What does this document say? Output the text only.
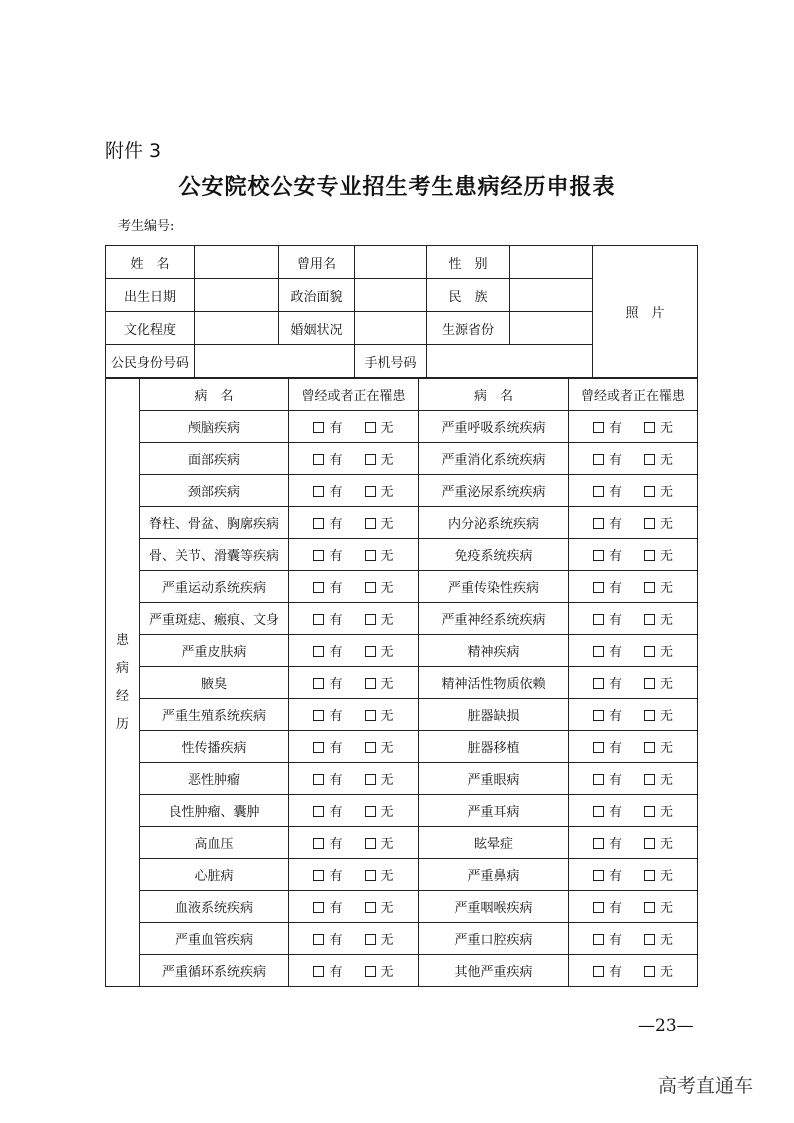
附件 3
公安院校公安专业招生考生患病经历申报表
考生编号:
姓　名		曾用名		性　别		照　片
出生日期		政治面貌		民　族		
文化程度		婚姻状况		生源省份		
公民身份号码			手机号码			
患
病
经
历	病　名	曾经或者正在罹患	病　名	曾经或者正在罹患
	颅脑疾病	有 无	严重呼吸系统疾病	有 无
	面部疾病	有 无	严重消化系统疾病	有 无
	颈部疾病	有 无	严重泌尿系统疾病	有 无
	脊柱、骨盆、胸廓疾病	有 无	内分泌系统疾病	有 无
	骨、关节、滑囊等疾病	有 无	免疫系统疾病	有 无
	严重运动系统疾病	有 无	严重传染性疾病	有 无
	严重斑痣、瘢痕、文身	有 无	严重神经系统疾病	有 无
	严重皮肤病	有 无	精神疾病	有 无
	腋臭	有 无	精神活性物质依赖	有 无
	严重生殖系统疾病	有 无	脏器缺损	有 无
	性传播疾病	有 无	脏器移植	有 无
	恶性肿瘤	有 无	严重眼病	有 无
	良性肿瘤、囊肿	有 无	严重耳病	有 无
	高血压	有 无	眩晕症	有 无
	心脏病	有 无	严重鼻病	有 无
	血液系统疾病	有 无	严重咽喉疾病	有 无
	严重血管疾病	有 无	严重口腔疾病	有 无
	严重循环系统疾病	有 无	其他严重疾病	有 无
—23—
高考直通车
